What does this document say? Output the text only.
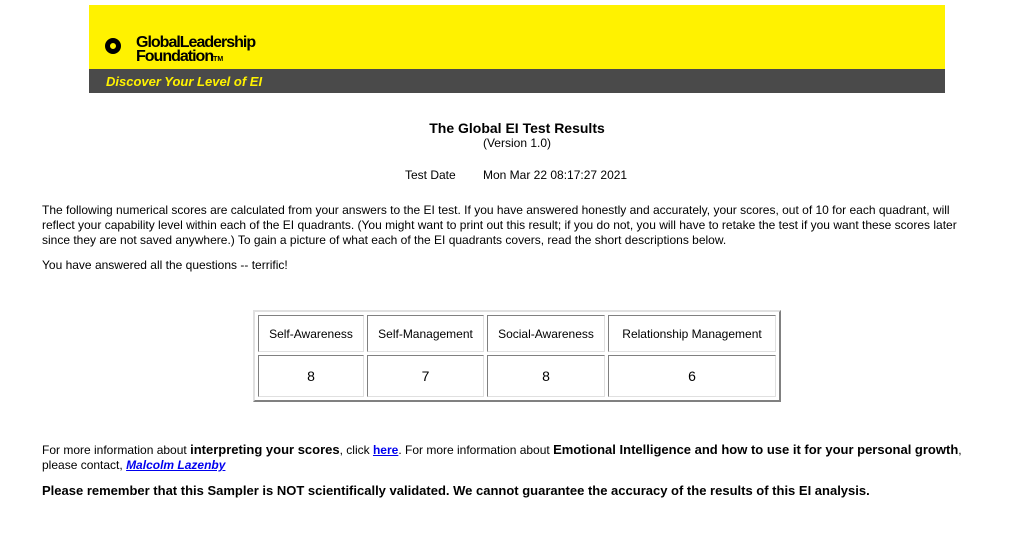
GlobalLeadership
FoundationTM
Discover Your Level of EI
The Global EI Test Results
(Version 1.0)
Test Date Mon Mar 22 08:17:27 2021
The following numerical scores are calculated from your answers to the EI test. If you have answered honestly and accurately, your scores, out of 10 for each quadrant, will reflect your capability level within each of the EI quadrants. (You might want to print out this result; if you do not, you will have to retake the test if you want these scores later since they are not saved anywhere.) To gain a picture of what each of the EI quadrants covers, read the short descriptions below.
You have answered all the questions -- terrific!
Self-Awareness	Self-Management	Social-Awareness	Relationship Management
8	7	8	6
For more information about interpreting your scores, click here. For more information about Emotional Intelligence and how to use it for your personal growth, please contact, Malcolm Lazenby
Please remember that this Sampler is NOT scientifically validated. We cannot guarantee the accuracy of the results of this EI analysis.
